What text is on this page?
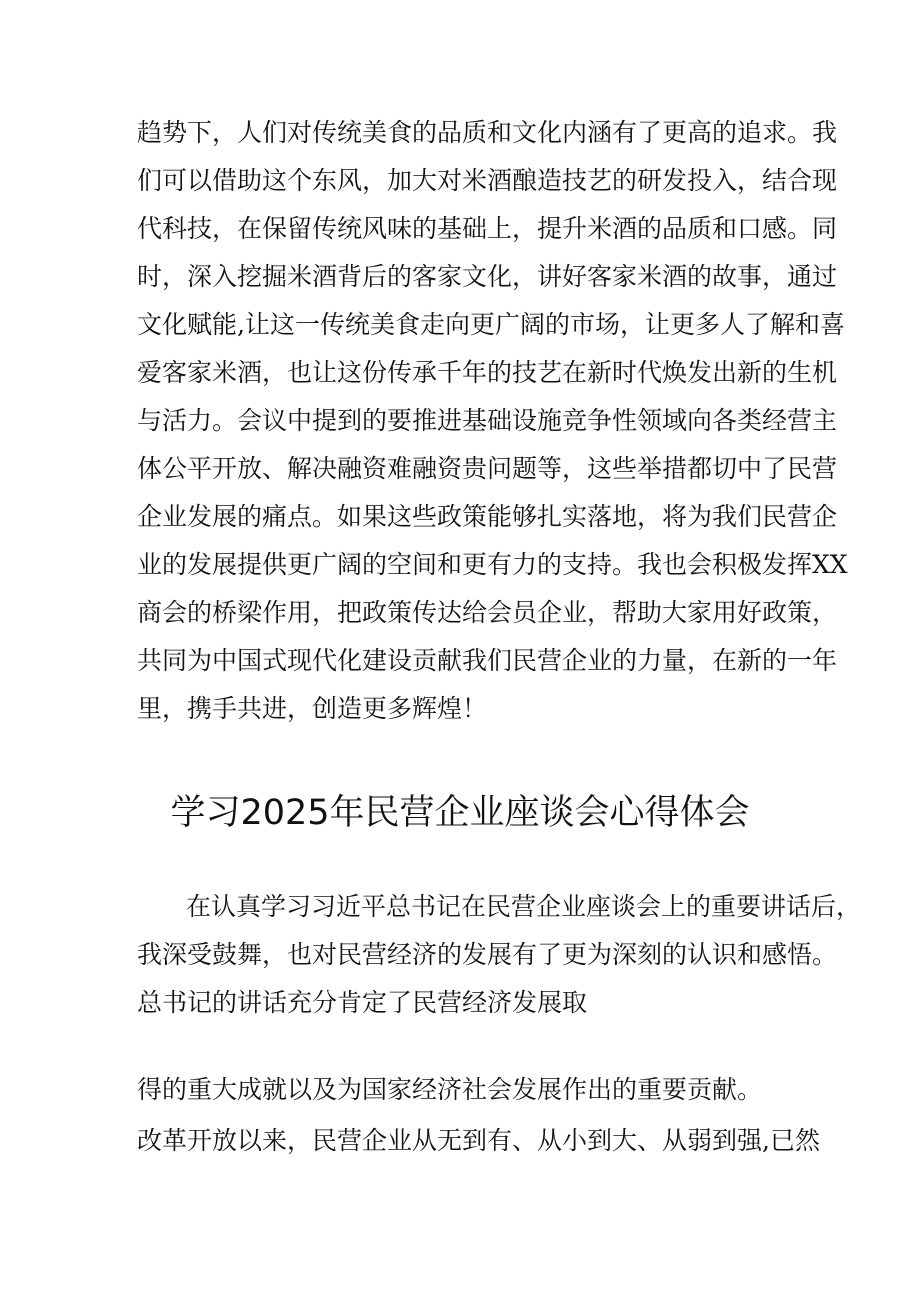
趋势下，人们对传统美食的品质和文化内涵有了更高的追求。我
们可以借助这个东风，加大对米酒酿造技艺的研发投入，结合现
代科技，在保留传统风味的基础上，提升米酒的品质和口感。同
时，深入挖掘米酒背后的客家文化，讲好客家米酒的故事，通过
文化赋能,让这一传统美食走向更广阔的市场，让更多人了解和喜
爱客家米酒，也让这份传承千年的技艺在新时代焕发出新的生机
与活力。会议中提到的要推进基础设施竞争性领域向各类经营主
体公平开放、解决融资难融资贵问题等，这些举措都切中了民营
企业发展的痛点。如果这些政策能够扎实落地，将为我们民营企
业的发展提供更广阔的空间和更有力的支持。我也会积极发挥XX
商会的桥梁作用，把政策传达给会员企业，帮助大家用好政策，
共同为中国式现代化建设贡献我们民营企业的力量，在新的一年
里，携手共进，创造更多辉煌！
学习2025年民营企业座谈会心得体会
在认真学习习近平总书记在民营企业座谈会上的重要讲话后，
我深受鼓舞，也对民营经济的发展有了更为深刻的认识和感悟。
总书记的讲话充分肯定了民营经济发展取
得的重大成就以及为国家经济社会发展作出的重要贡献。
改革开放以来，民营企业从无到有、从小到大、从弱到强,已然
